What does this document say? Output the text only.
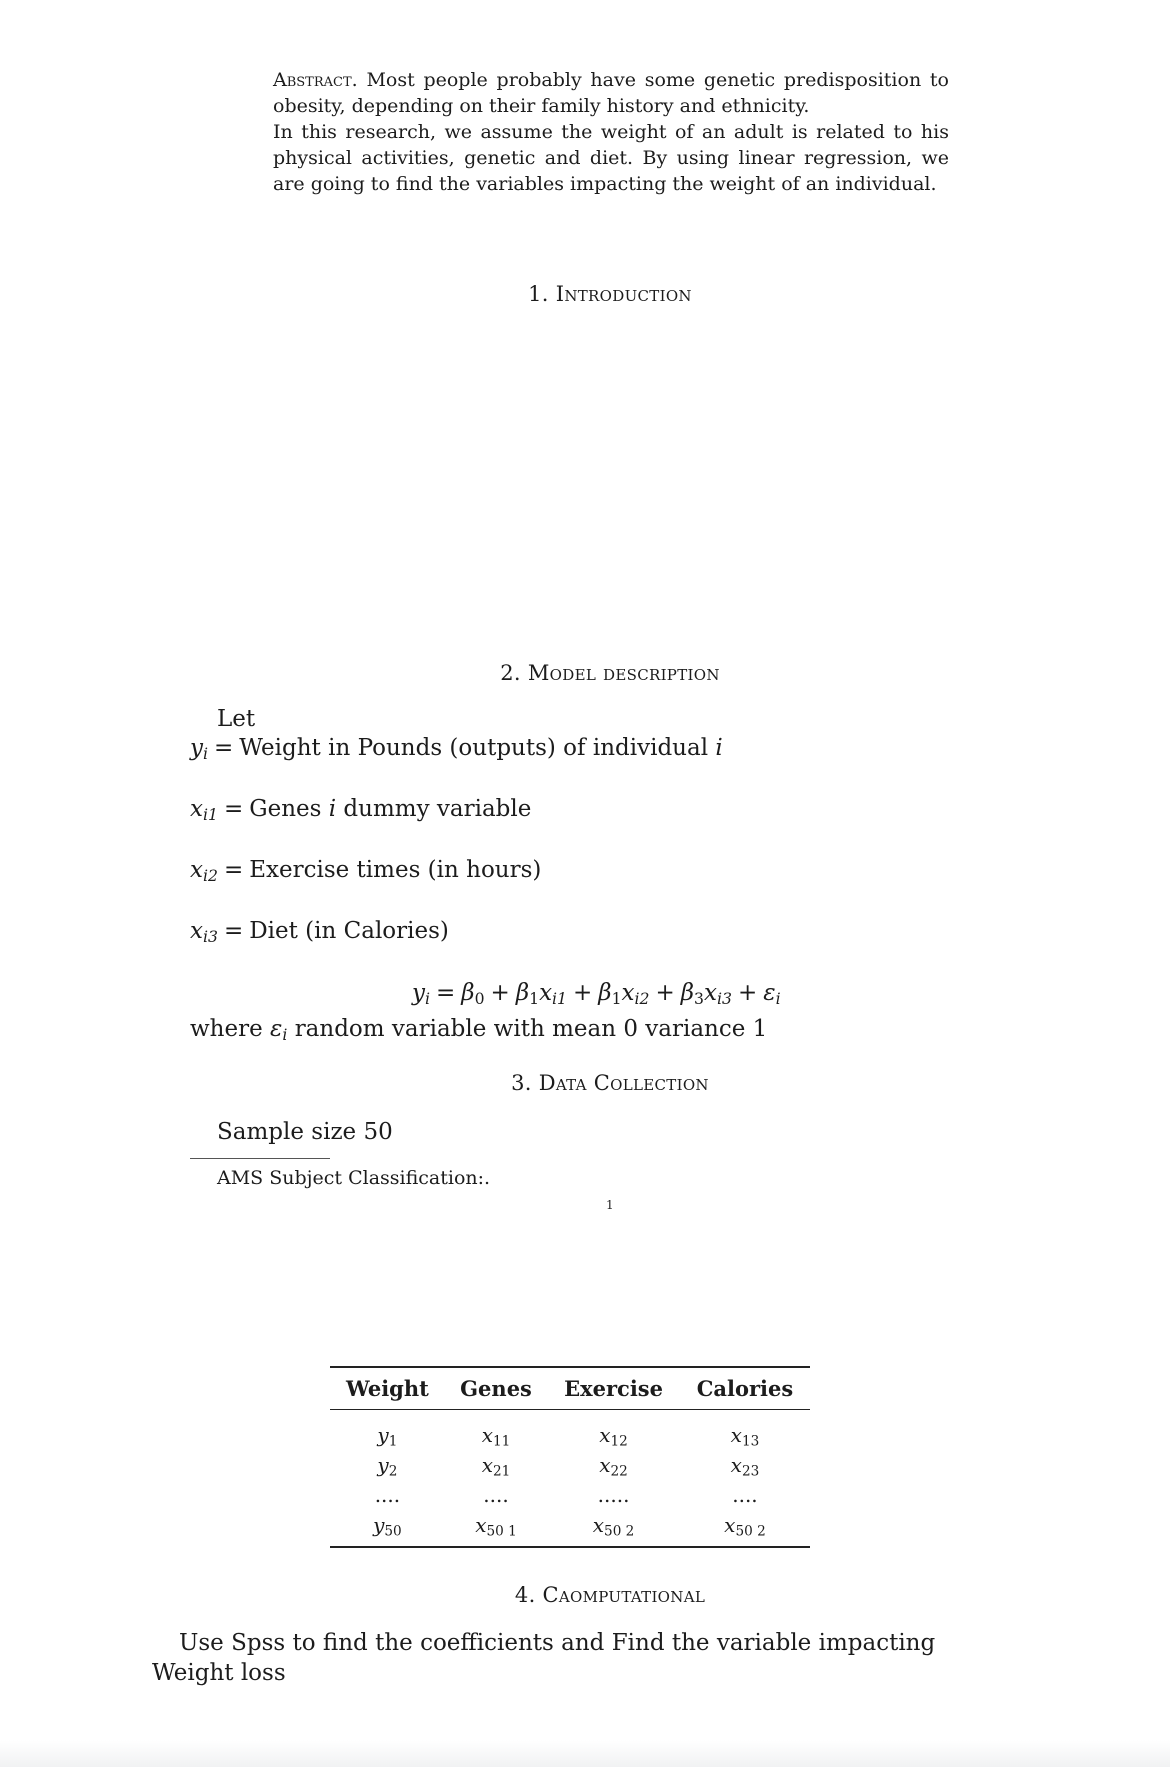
Abstract. Most people probably have some genetic predisposition to obesity, depending on their family history and ethnicity.

In this research, we assume the weight of an adult is related to his physical activities, genetic and diet. By using linear regression, we are going to find the variables impacting the weight of an individual.

1. Introduction
2. Model description
3. Data Collection
4. Caomputational
Let
$y_i$ = Weight in Pounds (outputs) of individual i
$x_{i1}$ = Genes i dummy variable
$x_{i2}$ = Exercise times (in hours)
$x_{i3}$ = Diet (in Calories)
$y_i = \beta_0 + \beta_1x_{i1} + \beta_1x_{i2} + \beta_3x_{i3} + \varepsilon_i$
where $\varepsilon_i$ random variable with mean 0 variance 1
Sample size 50
AMS Subject Classification:.
1
Weight	Genes	Exercise	Calories
$y_1$	$x_{11}$	$x_{12}$	$x_{13}$
$y_2$	$x_{21}$	$x_{22}$	$x_{23}$
....	....	.....	....
$y_{50}$	$x_{50 1}$	$x_{50 2}$	$x_{50 2}$
Use Spss to find the coefficients and Find the variable impacting Weight loss
